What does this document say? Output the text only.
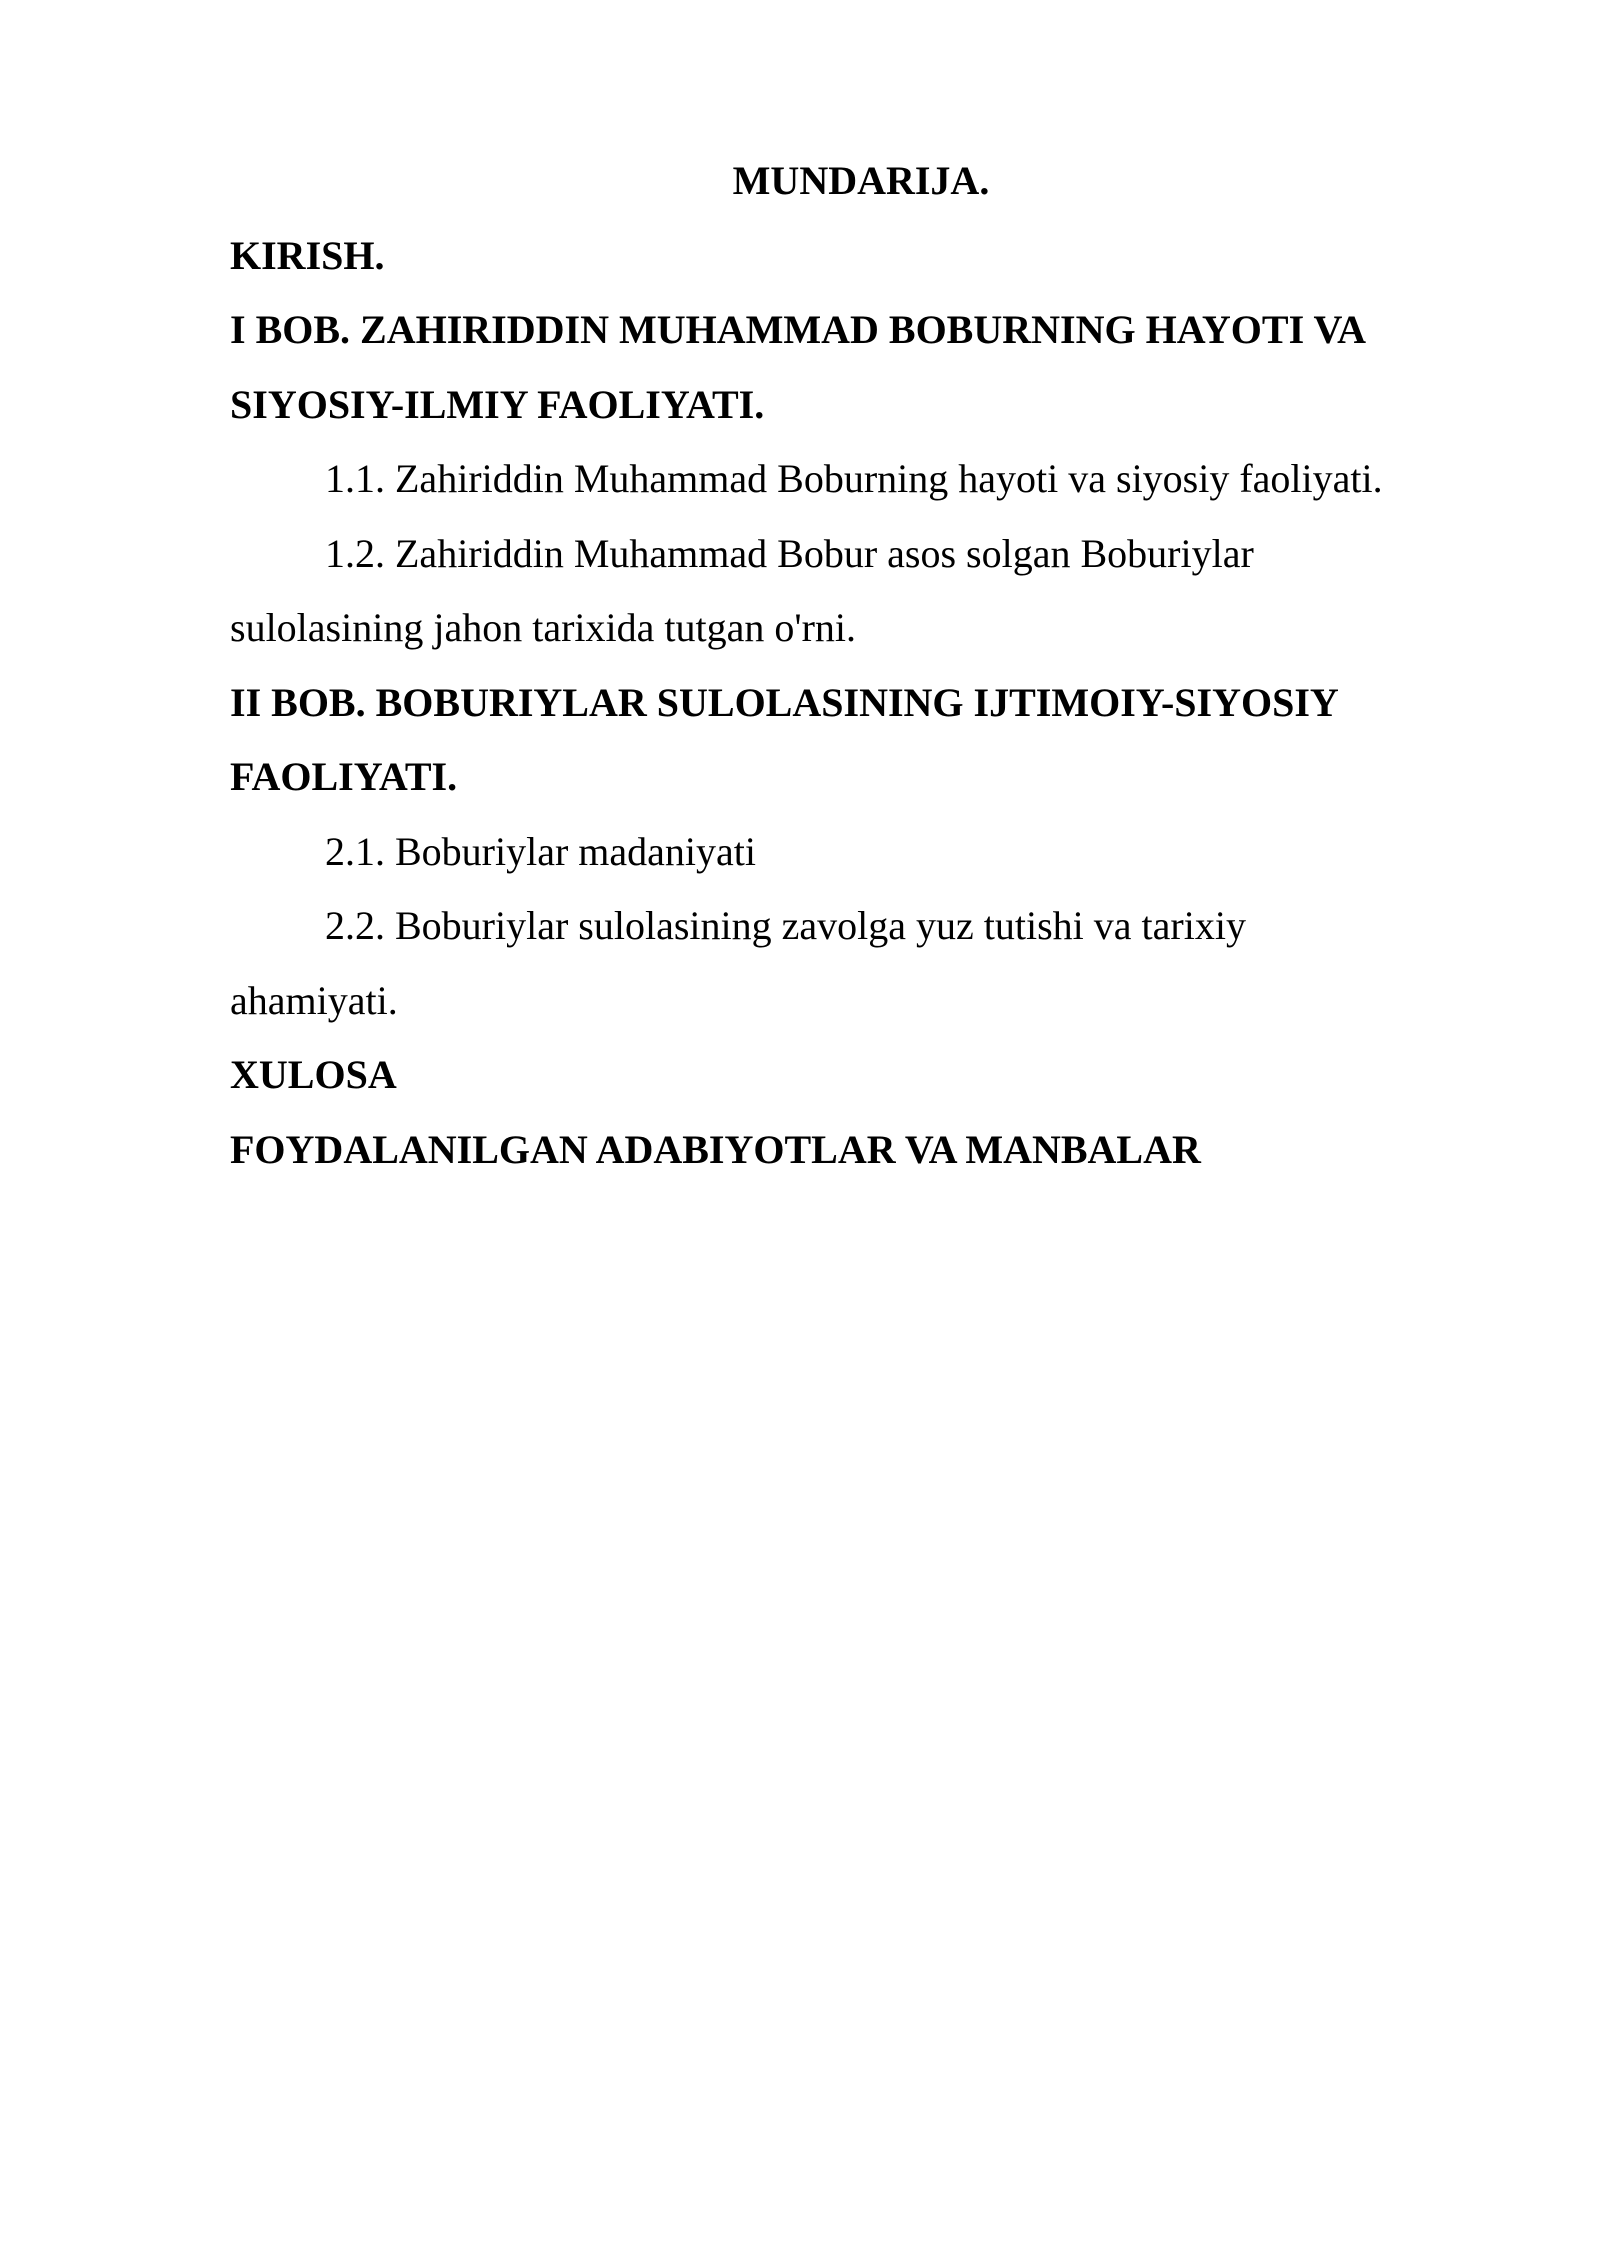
MUNDARIJA.

KIRISH.

I BOB. ZAHIRIDDIN MUHAMMAD BOBURNING HAYOTI VA

SIYOSIY-ILMIY FAOLIYATI.

1.1. Zahiriddin Muhammad Boburning hayoti va siyosiy faoliyati.

1.2. Zahiriddin Muhammad Bobur asos solgan Boburiylar

sulolasining jahon tarixida tutgan o'rni.

II BOB. BOBURIYLAR SULOLASINING IJTIMOIY-SIYOSIY

FAOLIYATI.

2.1. Boburiylar madaniyati

2.2. Boburiylar sulolasining zavolga yuz tutishi va tarixiy

ahamiyati.

XULOSA

FOYDALANILGAN ADABIYOTLAR VA MANBALAR
